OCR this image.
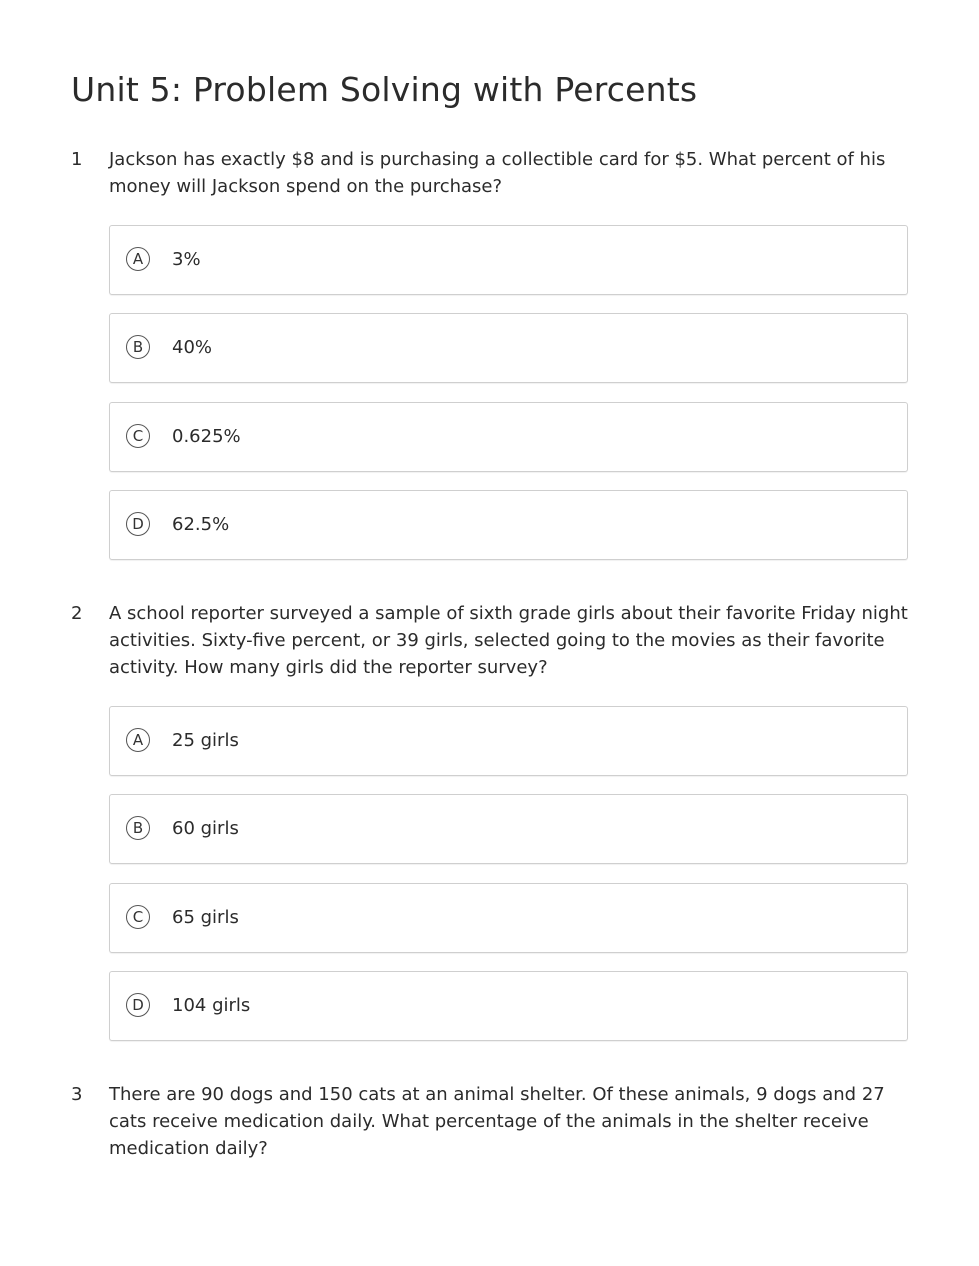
Unit 5: Problem Solving with Percents
1 Jackson has exactly $8 and is purchasing a collectible card for $5. What percent of his money will Jackson spend on the purchase?
A	3%
B	40%
C	0.625%
D	62.5%
2 A school reporter surveyed a sample of sixth grade girls about their favorite Friday night activities. Sixty-five percent, or 39 girls, selected going to the movies as their favorite activity. How many girls did the reporter survey?
A	25 girls
B	60 girls
C	65 girls
D	104 girls
3 There are 90 dogs and 150 cats at an animal shelter. Of these animals, 9 dogs and 27 cats receive medication daily. What percentage of the animals in the shelter receive medication daily?
